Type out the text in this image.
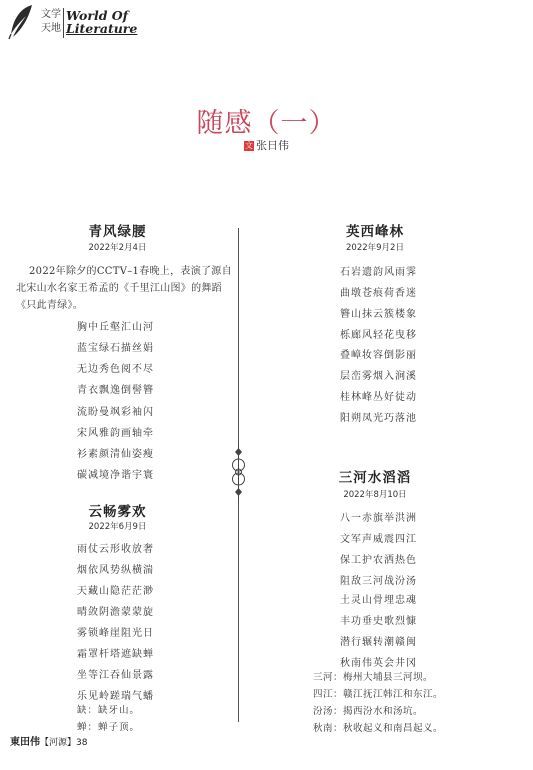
文学
天地
World Of
Literature
随感（一）
文 张日伟
青风绿腰
2022年2月4日
2022年除夕的CCTV–1春晚上，表演了源自
北宋山水名家王希孟的《千里江山图》的舞蹈
《只此青绿》。
胸中丘壑汇山河
蓝宝绿石描丝娟
无边秀色阅不尽
青衣飘逸倒髻簪
流盼曼飒彩袖闪
宋风雅韵画轴牵
衫素颜清仙姿瘦
碳减境净谐宇寰
云畅雾欢
2022年6月9日
雨仗云形收放奢
烟依风势纵横湍
天藏山隐茫茫渺
晴敛阴澹蒙蒙旋
雾锁峰崖阻光日
霜罩杆塔遮缺蝉
坐等江吞仙景露
乐见岭蹉瑞气蟠
缺：缺牙山。
蝉：蝉子顶。
英西峰林
2022年9月2日
石岩遗韵风雨霁
曲墩苍痕荷香迷
簪山抹云簇楼象
栎廊风轻花曳移
叠嶂妆容倒影丽
层峦雾烟入涧溪
桂林峰丛好徒动
阳朔凤光巧落池
三河水滔滔
2022年8月10日
八一赤旗举洪洲
文军声威震四江
保工护农洒热色
阻敌三河战汾汤
土灵山骨埋忠魂
丰功垂史歌烈慷
潜行辗转潮赣闽
秋南伟英会井冈
三河：梅州大埔县三河坝。
四江：赣江抚江韩江和东江。
汾汤：揭西汾水和汤坑。
秋南：秋收起义和南昌起义。
東田伟【河源】38
